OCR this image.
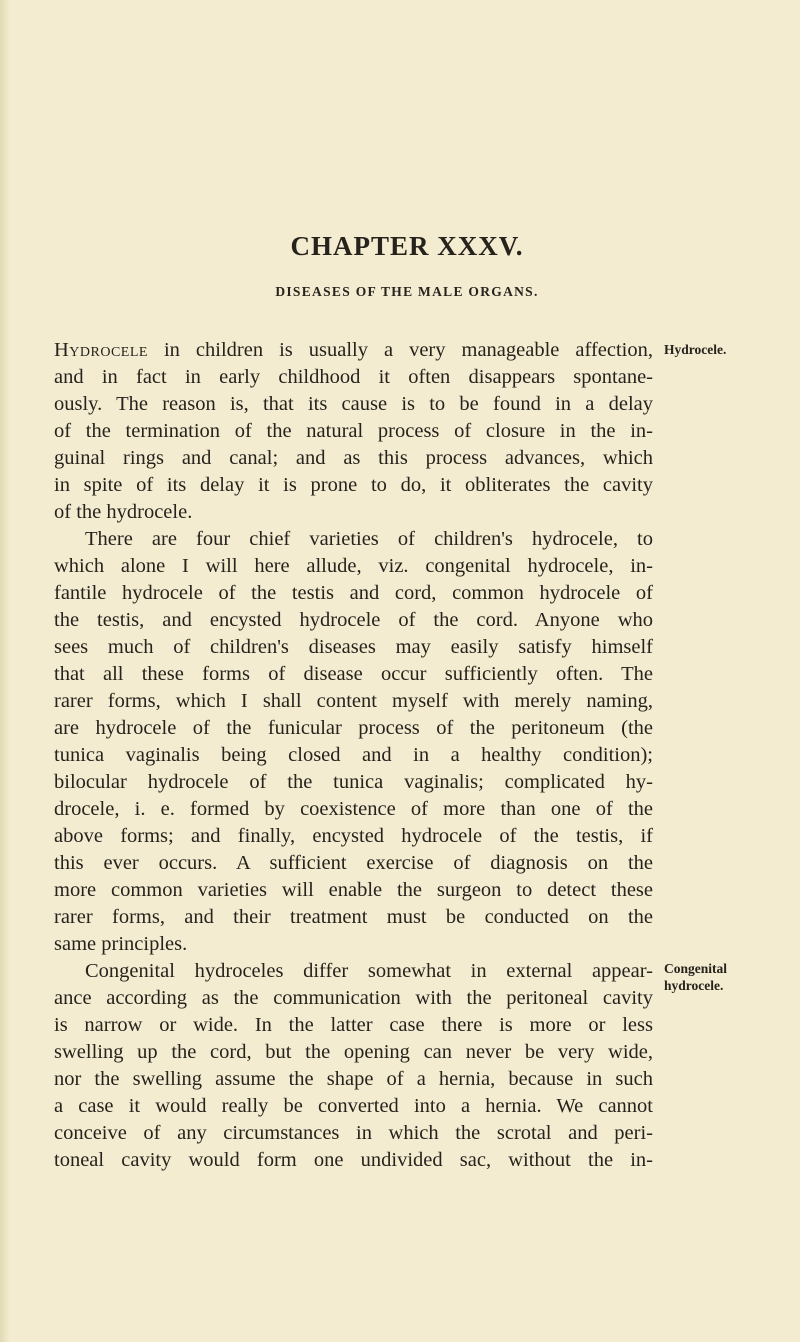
CHAPTER XXXV.
DISEASES OF THE MALE ORGANS.
Hydrocele in children is usually a very manageable affection,
and in fact in early childhood it often disappears spontane-
ously. The reason is, that its cause is to be found in a delay
of the termination of the natural process of closure in the in-
guinal rings and canal; and as this process advances, which
in spite of its delay it is prone to do, it obliterates the cavity
of the hydrocele.
There are four chief varieties of children's hydrocele, to
which alone I will here allude, viz. congenital hydrocele, in-
fantile hydrocele of the testis and cord, common hydrocele of
the testis, and encysted hydrocele of the cord. Anyone who
sees much of children's diseases may easily satisfy himself
that all these forms of disease occur sufficiently often. The
rarer forms, which I shall content myself with merely naming,
are hydrocele of the funicular process of the peritoneum (the
tunica vaginalis being closed and in a healthy condition);
bilocular hydrocele of the tunica vaginalis; complicated hy-
drocele, i. e. formed by coexistence of more than one of the
above forms; and finally, encysted hydrocele of the testis, if
this ever occurs. A sufficient exercise of diagnosis on the
more common varieties will enable the surgeon to detect these
rarer forms, and their treatment must be conducted on the
same principles.
Congenital hydroceles differ somewhat in external appear-
ance according as the communication with the peritoneal cavity
is narrow or wide. In the latter case there is more or less
swelling up the cord, but the opening can never be very wide,
nor the swelling assume the shape of a hernia, because in such
a case it would really be converted into a hernia. We cannot
conceive of any circumstances in which the scrotal and peri-
toneal cavity would form one undivided sac, without the in-
Hydrocele.
Congenital
hydrocele.
